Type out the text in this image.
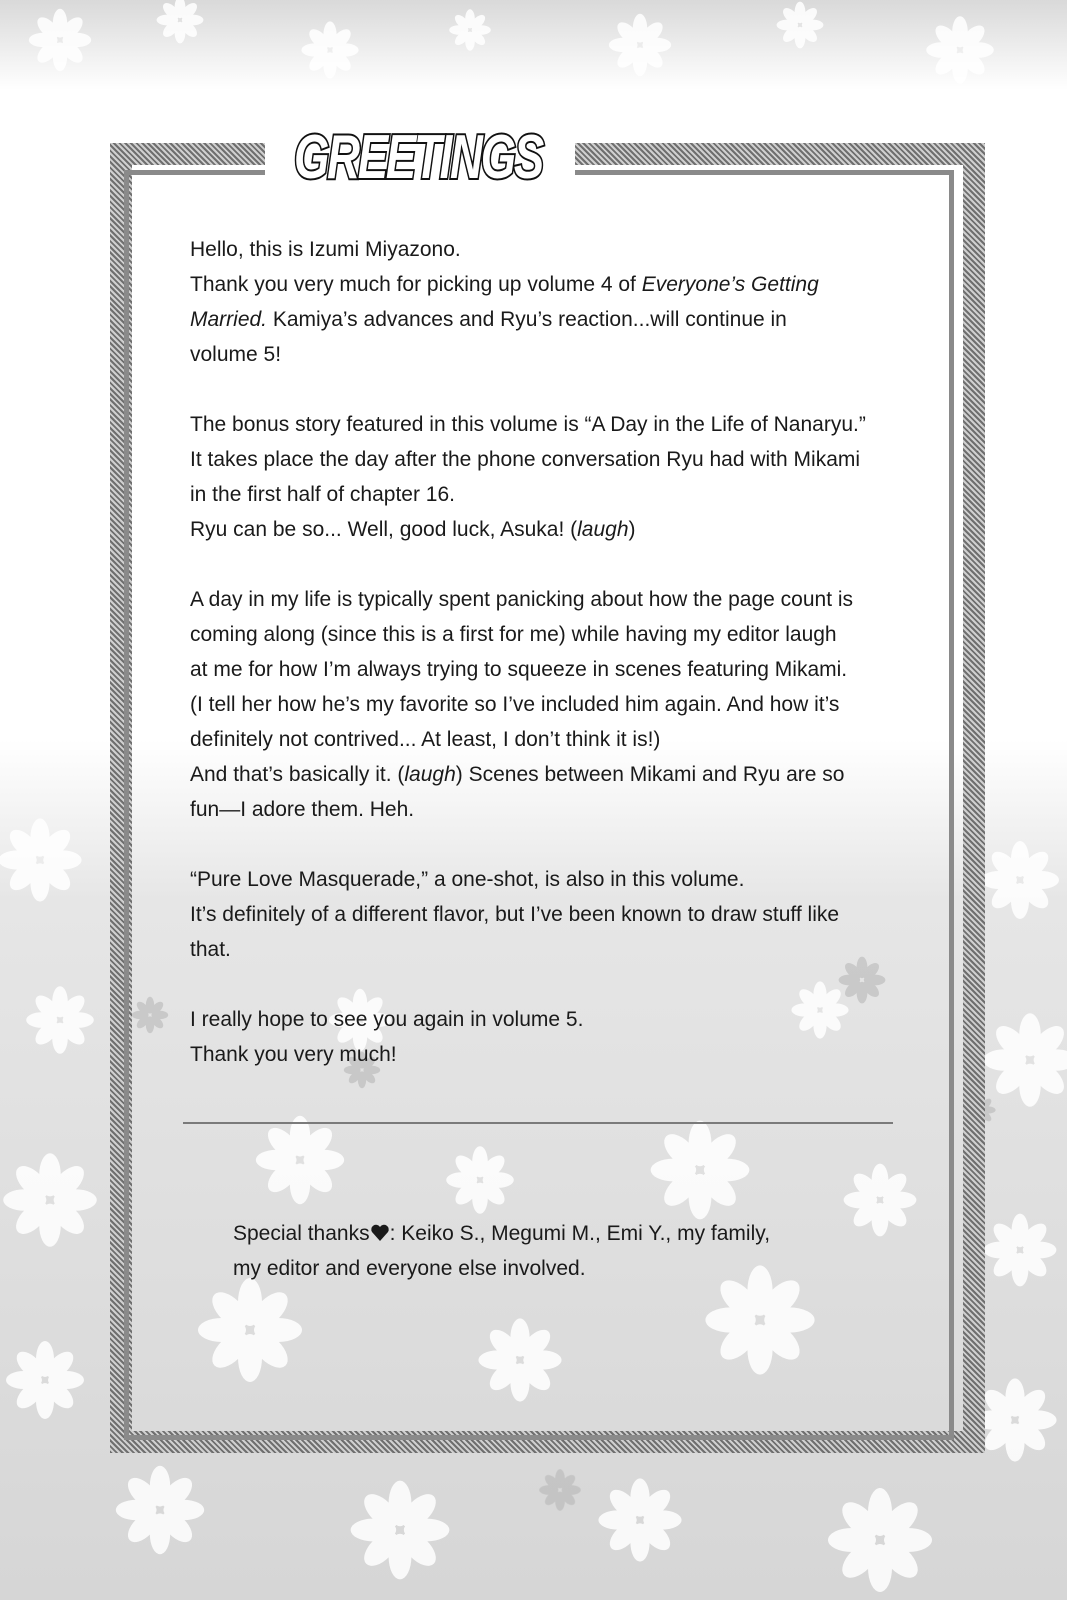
GREETINGS

Hello, this is Izumi Miyazono.
Thank you very much for picking up volume 4 of Everyone’s Getting
Married. Kamiya’s advances and Ryu’s reaction...will continue in
volume 5!

The bonus story featured in this volume is “A Day in the Life of Nanaryu.”
It takes place the day after the phone conversation Ryu had with Mikami
in the first half of chapter 16.
Ryu can be so... Well, good luck, Asuka! (laugh)

A day in my life is typically spent panicking about how the page count is
coming along (since this is a first for me) while having my editor laugh
at me for how I’m always trying to squeeze in scenes featuring Mikami.
(I tell her how he’s my favorite so I’ve included him again. And how it’s
definitely not contrived... At least, I don’t think it is!)
And that’s basically it. (laugh) Scenes between Mikami and Ryu are so
fun—I adore them. Heh.

“Pure Love Masquerade,” a one-shot, is also in this volume.
It’s definitely of a different flavor, but I’ve been known to draw stuff like
that.

I really hope to see you again in volume 5.
Thank you very much!

Special thanks : Keiko S., Megumi M., Emi Y., my family,
my editor and everyone else involved.
